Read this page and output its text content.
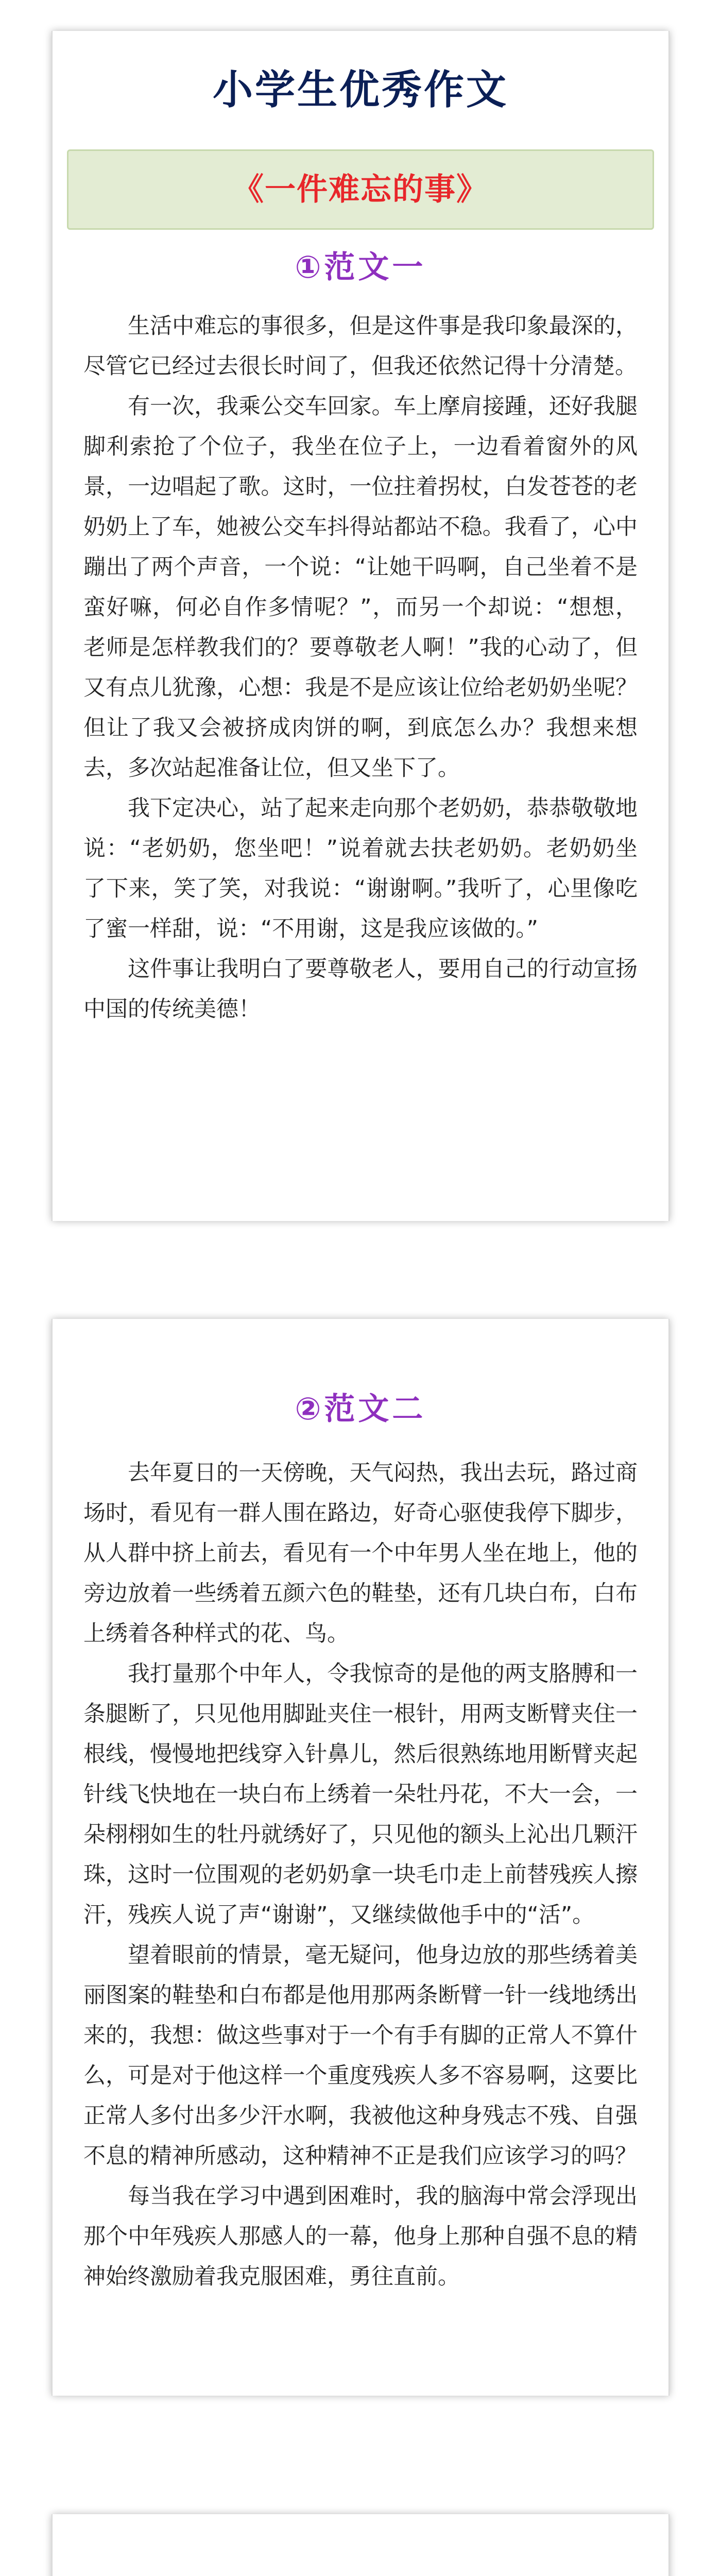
小学生优秀作文
《一件难忘的事》
①范文一

生活中难忘的事很多，但是这件事是我印象最深的，尽管它已经过去很长时间了，但我还依然记得十分清楚。

有一次，我乘公交车回家。车上摩肩接踵，还好我腿脚利索抢了个位子，我坐在位子上，一边看着窗外的风景，一边唱起了歌。这时，一位拄着拐杖，白发苍苍的老奶奶上了车，她被公交车抖得站都站不稳。我看了，心中蹦出了两个声音，一个说：“让她干吗啊，自己坐着不是蛮好嘛，何必自作多情呢？”，而另一个却说：“想想，老师是怎样教我们的？要尊敬老人啊！”我的心动了，但又有点儿犹豫，心想：我是不是应该让位给老奶奶坐呢？但让了我又会被挤成肉饼的啊，到底怎么办？我想来想去，多次站起准备让位，但又坐下了。

我下定决心，站了起来走向那个老奶奶，恭恭敬敬地说：“老奶奶，您坐吧！”说着就去扶老奶奶。老奶奶坐了下来，笑了笑，对我说：“谢谢啊。”我听了，心里像吃了蜜一样甜，说：“不用谢，这是我应该做的。”

这件事让我明白了要尊敬老人，要用自己的行动宣扬中国的传统美德！

②范文二

去年夏日的一天傍晚，天气闷热，我出去玩，路过商场时，看见有一群人围在路边，好奇心驱使我停下脚步，从人群中挤上前去，看见有一个中年男人坐在地上，他的旁边放着一些绣着五颜六色的鞋垫，还有几块白布，白布上绣着各种样式的花、鸟。

我打量那个中年人，令我惊奇的是他的两支胳膊和一条腿断了，只见他用脚趾夹住一根针，用两支断臂夹住一根线，慢慢地把线穿入针鼻儿，然后很熟练地用断臂夹起针线飞快地在一块白布上绣着一朵牡丹花，不大一会，一朵栩栩如生的牡丹就绣好了，只见他的额头上沁出几颗汗珠，这时一位围观的老奶奶拿一块毛巾走上前替残疾人擦汗，残疾人说了声“谢谢”，又继续做他手中的“活”。

望着眼前的情景，毫无疑问，他身边放的那些绣着美丽图案的鞋垫和白布都是他用那两条断臂一针一线地绣出来的，我想：做这些事对于一个有手有脚的正常人不算什么，可是对于他这样一个重度残疾人多不容易啊，这要比正常人多付出多少汗水啊，我被他这种身残志不残、自强不息的精神所感动，这种精神不正是我们应该学习的吗？

每当我在学习中遇到困难时，我的脑海中常会浮现出那个中年残疾人那感人的一幕，他身上那种自强不息的精神始终激励着我克服困难，勇往直前。
